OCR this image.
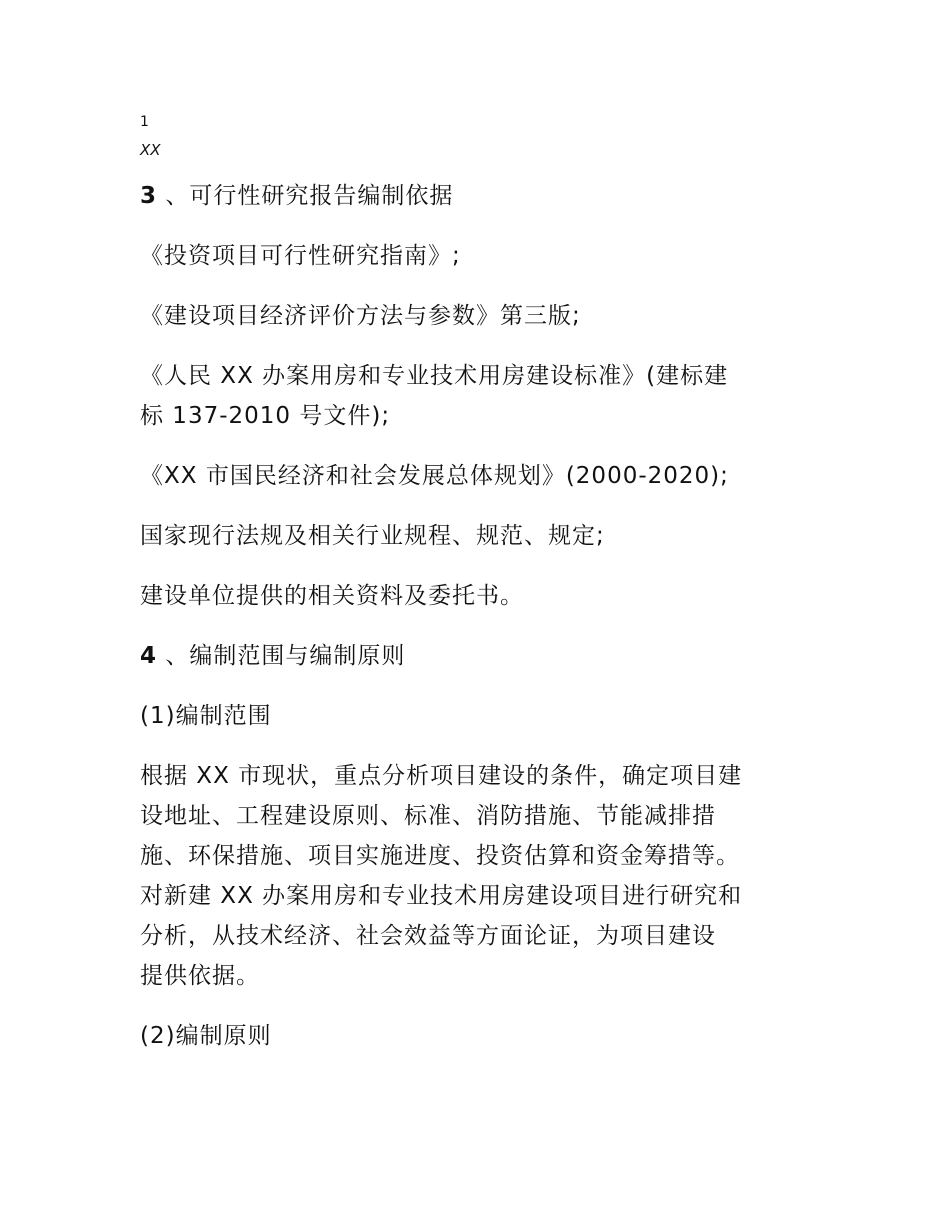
1

XX

3 、可行性研究报告编制依据

《投资项目可行性研究指南》;

《建设项目经济评价方法与参数》第三版;

《人民 XX 办案用房和专业技术用房建设标准》(建标建
标 137-2010 号文件);

《XX 市国民经济和社会发展总体规划》(2000-2020);

国家现行法规及相关行业规程、规范、规定;

建设单位提供的相关资料及委托书。

4 、编制范围与编制原则

(1)编制范围

根据 XX 市现状，重点分析项目建设的条件，确定项目建
设地址、工程建设原则、标准、消防措施、节能减排措
施、环保措施、项目实施进度、投资估算和资金筹措等。
对新建 XX 办案用房和专业技术用房建设项目进行研究和
分析，从技术经济、社会效益等方面论证，为项目建设
提供依据。

(2)编制原则
